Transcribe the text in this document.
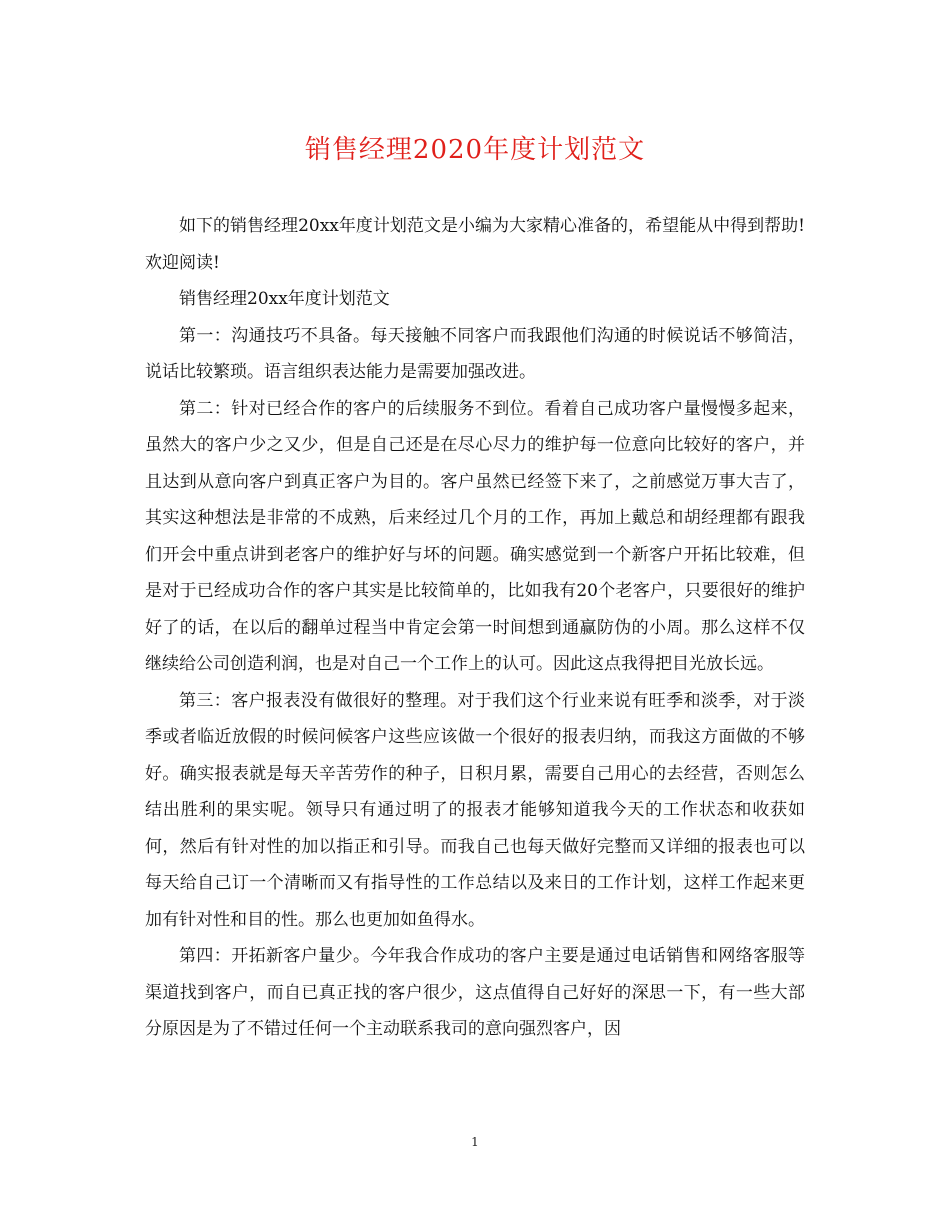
销售经理2020年度计划范文

如下的销售经理20xx年度计划范文是小编为大家精心准备的，希望能从中得到帮助!欢迎阅读!

销售经理20xx年度计划范文

第一：沟通技巧不具备。每天接触不同客户而我跟他们沟通的时候说话不够简洁，说话比较繁琐。语言组织表达能力是需要加强改进。

第二：针对已经合作的客户的后续服务不到位。看着自己成功客户量慢慢多起来，虽然大的客户少之又少，但是自己还是在尽心尽力的维护每一位意向比较好的客户，并且达到从意向客户到真正客户为目的。客户虽然已经签下来了，之前感觉万事大吉了，其实这种想法是非常的不成熟，后来经过几个月的工作，再加上戴总和胡经理都有跟我们开会中重点讲到老客户的维护好与坏的问题。确实感觉到一个新客户开拓比较难，但是对于已经成功合作的客户其实是比较简单的，比如我有20个老客户，只要很好的维护好了的话，在以后的翻单过程当中肯定会第一时间想到通赢防伪的小周。那么这样不仅继续给公司创造利润，也是对自己一个工作上的认可。因此这点我得把目光放长远。

第三：客户报表没有做很好的整理。对于我们这个行业来说有旺季和淡季，对于淡季或者临近放假的时候问候客户这些应该做一个很好的报表归纳，而我这方面做的不够好。确实报表就是每天辛苦劳作的种子，日积月累，需要自己用心的去经营，否则怎么结出胜利的果实呢。领导只有通过明了的报表才能够知道我今天的工作状态和收获如何，然后有针对性的加以指正和引导。而我自己也每天做好完整而又详细的报表也可以每天给自己订一个清晰而又有指导性的工作总结以及来日的工作计划，这样工作起来更加有针对性和目的性。那么也更加如鱼得水。

第四：开拓新客户量少。今年我合作成功的客户主要是通过电话销售和网络客服等渠道找到客户，而自已真正找的客户很少，这点值得自己好好的深思一下，有一些大部分原因是为了不错过任何一个主动联系我司的意向强烈客户，因

1
